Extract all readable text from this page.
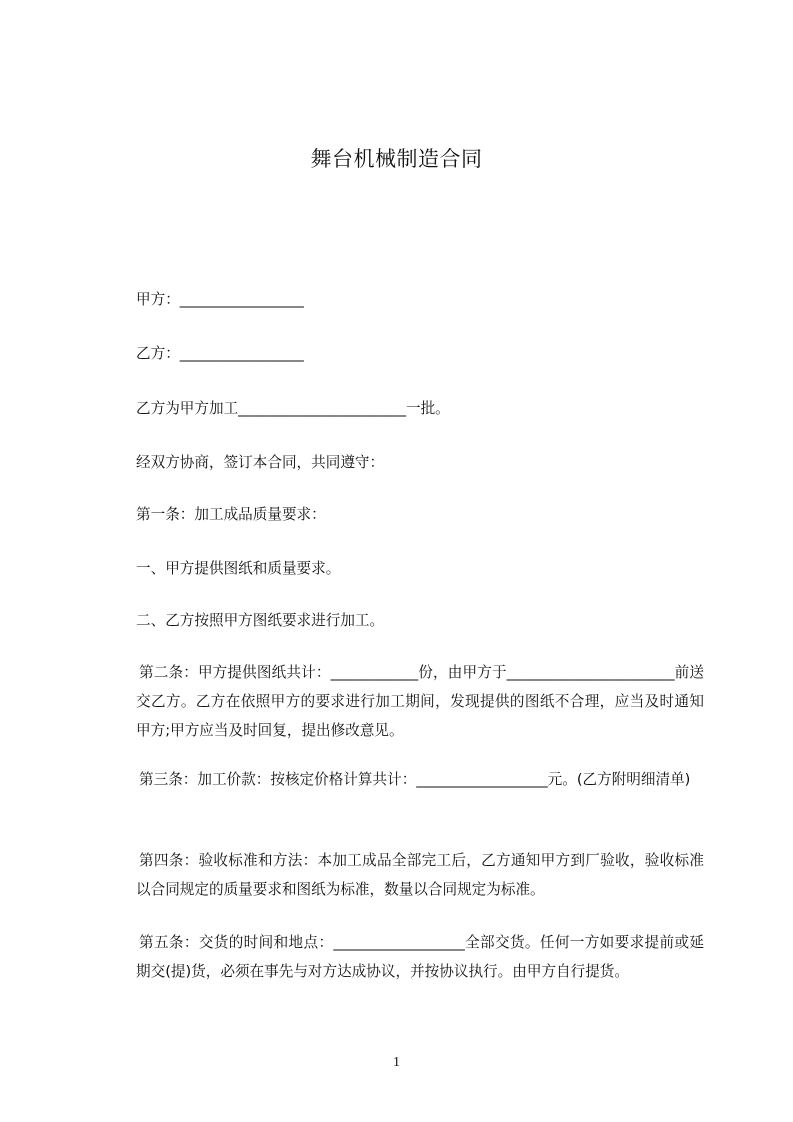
舞台机械制造合同
甲方：_________________
乙方：_________________
乙方为甲方加工_______________________一批。
经双方协商，签订本合同，共同遵守：
第一条：加工成品质量要求：
一、甲方提供图纸和质量要求。
二、乙方按照甲方图纸要求进行加工。
第二条：甲方提供图纸共计：____________份，由甲方于_______________________前送交乙方。乙方在依照甲方的要求进行加工期间，发现提供的图纸不合理，应当及时通知甲方;甲方应当及时回复，提出修改意见。
第三条：加工价款：按核定价格计算共计：__________________元。(乙方附明细清单)
第四条：验收标准和方法：本加工成品全部完工后，乙方通知甲方到厂验收，验收标准以合同规定的质量要求和图纸为标准，数量以合同规定为标准。
第五条：交货的时间和地点：__________________全部交货。任何一方如要求提前或延期交(提)货，必须在事先与对方达成协议，并按协议执行。由甲方自行提货。
1
